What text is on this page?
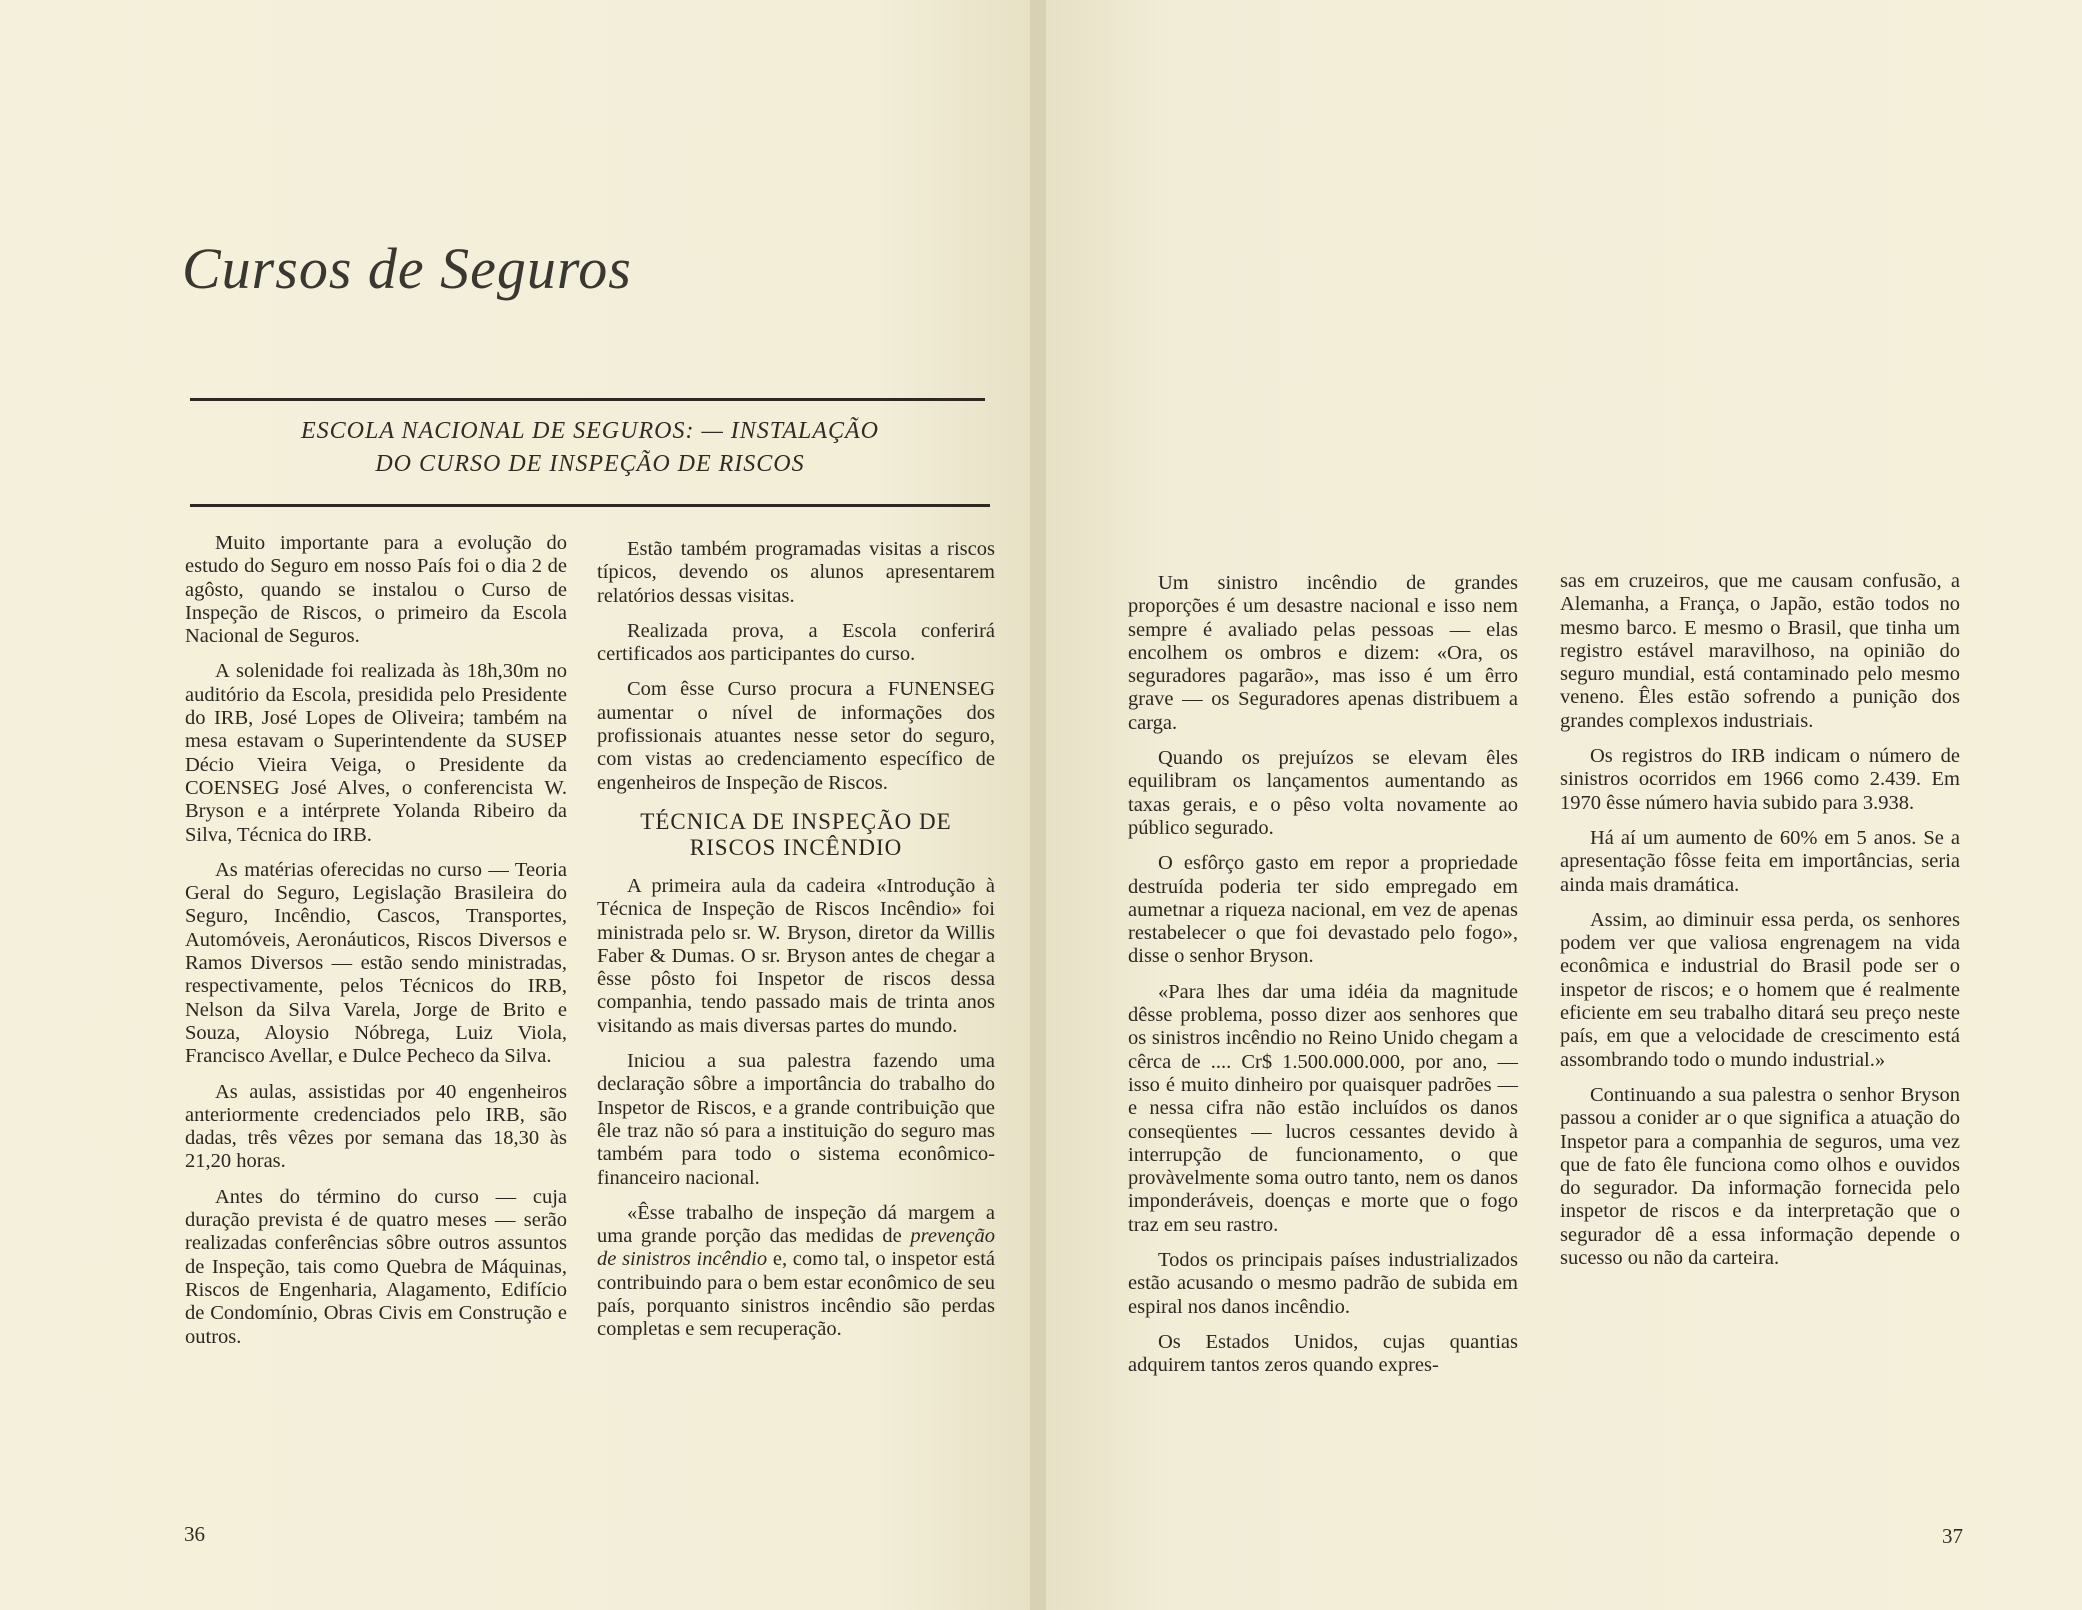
Cursos de Seguros
ESCOLA NACIONAL DE SEGUROS: — INSTALAÇÃO
DO CURSO DE INSPEÇÃO DE RISCOS

Muito importante para a evolução do estudo do Seguro em nosso País foi o dia 2 de agôsto, quando se instalou o Curso de Inspeção de Riscos, o primeiro da Escola Nacional de Seguros.

A solenidade foi realizada às 18h,30m no auditório da Escola, presidida pelo Presidente do IRB, José Lopes de Oliveira; também na mesa estavam o Superintendente da SUSEP Décio Vieira Veiga, o Presidente da COENSEG José Alves, o conferencista W. Bryson e a intérprete Yolanda Ribeiro da Silva, Técnica do IRB.

As matérias oferecidas no curso — Teoria Geral do Seguro, Legislação Brasileira do Seguro, Incêndio, Cascos, Transportes, Automóveis, Aeronáuticos, Riscos Diversos e Ramos Diversos — estão sendo ministradas, respectivamente, pelos Técnicos do IRB, Nelson da Silva Varela, Jorge de Brito e Souza, Aloysio Nóbrega, Luiz Viola, Francisco Avellar, e Dulce Pecheco da Silva.

As aulas, assistidas por 40 engenheiros anteriormente credenciados pelo IRB, são dadas, três vêzes por semana das 18,30 às 21,20 horas.

Antes do término do curso — cuja duração prevista é de quatro meses — serão realizadas conferências sôbre outros assuntos de Inspeção, tais como Quebra de Máquinas, Riscos de Engenharia, Alagamento, Edifício de Condomínio, Obras Civis em Construção e outros.

Estão também programadas visitas a riscos típicos, devendo os alunos apresentarem relatórios dessas visitas.

Realizada prova, a Escola conferirá certificados aos participantes do curso.

Com êsse Curso procura a FUNENSEG aumentar o nível de informações dos profissionais atuantes nesse setor do seguro, com vistas ao credenciamento específico de engenheiros de Inspeção de Riscos.

TÉCNICA DE INSPEÇÃO DE
RISCOS INCÊNDIO

A primeira aula da cadeira «Introdução à Técnica de Inspeção de Riscos Incêndio» foi ministrada pelo sr. W. Bryson, diretor da Willis Faber & Dumas. O sr. Bryson antes de chegar a êsse pôsto foi Inspetor de riscos dessa companhia, tendo passado mais de trinta anos visitando as mais diversas partes do mundo.

Iniciou a sua palestra fazendo uma declaração sôbre a importância do trabalho do Inspetor de Riscos, e a grande contribuição que êle traz não só para a instituição do seguro mas também para todo o sistema econômico-financeiro nacional.

«Êsse trabalho de inspeção dá margem a uma grande porção das medidas de prevenção de sinistros incêndio e, como tal, o inspetor está contribuindo para o bem estar econômico de seu país, porquanto sinistros incêndio são perdas completas e sem recuperação.

36

Um sinistro incêndio de grandes proporções é um desastre nacional e isso nem sempre é avaliado pelas pessoas — elas encolhem os ombros e dizem: «Ora, os seguradores pagarão», mas isso é um êrro grave — os Seguradores apenas distribuem a carga.

Quando os prejuízos se elevam êles equilibram os lançamentos aumentando as taxas gerais, e o pêso volta novamente ao público segurado.

O esfôrço gasto em repor a propriedade destruída poderia ter sido empregado em aumetnar a riqueza nacional, em vez de apenas restabelecer o que foi devastado pelo fogo», disse o senhor Bryson.

«Para lhes dar uma idéia da magnitude dêsse problema, posso dizer aos senhores que os sinistros incêndio no Reino Unido chegam a cêrca de .... Cr$ 1.500.000.000, por ano, — isso é muito dinheiro por quaisquer padrões — e nessa cifra não estão incluídos os danos conseqüentes — lucros cessantes devido à interrupção de funcionamento, o que provàvelmente soma outro tanto, nem os danos imponderáveis, doenças e morte que o fogo traz em seu rastro.

Todos os principais países industrializados estão acusando o mesmo padrão de subida em espiral nos danos incêndio.

Os Estados Unidos, cujas quantias adquirem tantos zeros quando expres-

sas em cruzeiros, que me causam confusão, a Alemanha, a França, o Japão, estão todos no mesmo barco. E mesmo o Brasil, que tinha um registro estável maravilhoso, na opinião do seguro mundial, está contaminado pelo mesmo veneno. Êles estão sofrendo a punição dos grandes complexos industriais.

Os registros do IRB indicam o número de sinistros ocorridos em 1966 como 2.439. Em 1970 êsse número havia subido para 3.938.

Há aí um aumento de 60% em 5 anos. Se a apresentação fôsse feita em importâncias, seria ainda mais dramática.

Assim, ao diminuir essa perda, os senhores podem ver que valiosa engrenagem na vida econômica e industrial do Brasil pode ser o inspetor de riscos; e o homem que é realmente eficiente em seu trabalho ditará seu preço neste país, em que a velocidade de crescimento está assombrando todo o mundo industrial.»

Continuando a sua palestra o senhor Bryson passou a conider ar o que significa a atuação do Inspetor para a companhia de seguros, uma vez que de fato êle funciona como olhos e ouvidos do segurador. Da informação fornecida pelo inspetor de riscos e da interpretação que o segurador dê a essa informação depende o sucesso ou não da carteira.

37
